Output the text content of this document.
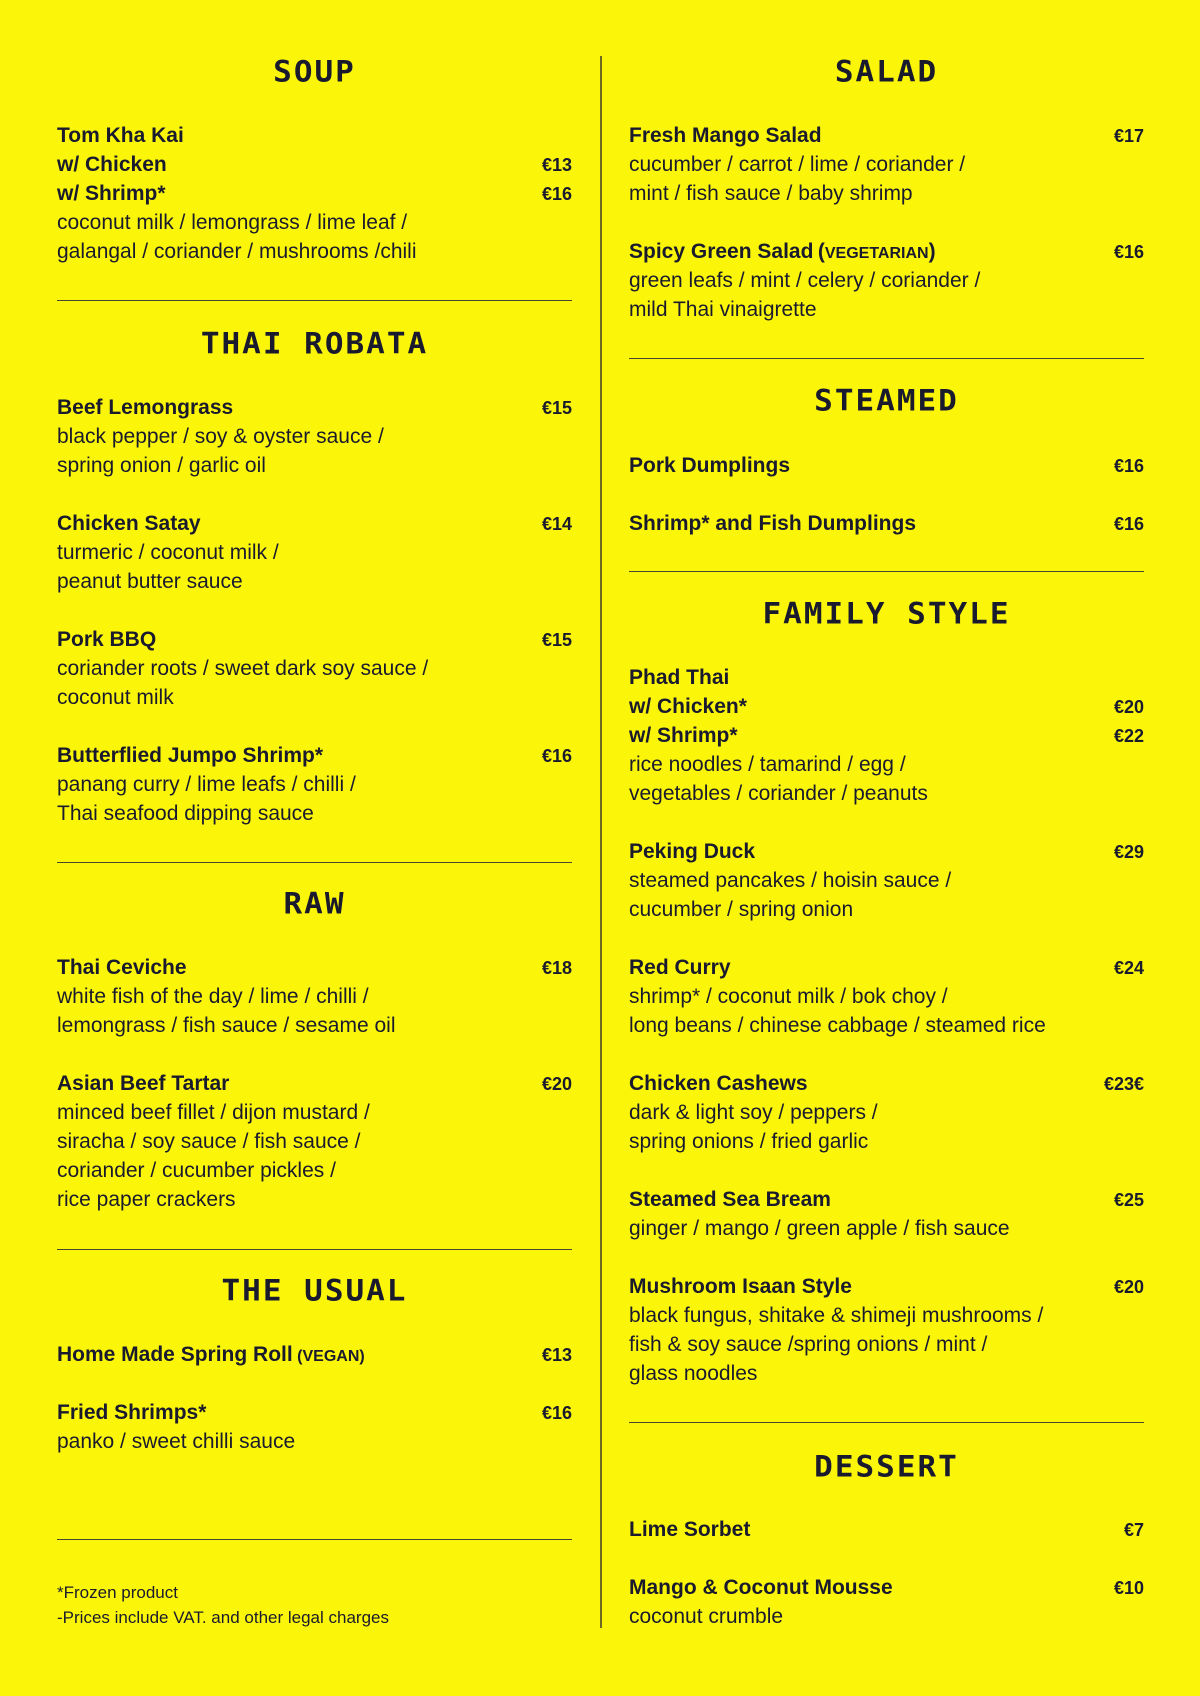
SOUP
Tom Kha Kai
w/ Chicken	€13
w/ Shrimp*	€16
coconut milk / lemongrass / lime leaf /
galangal / coriander / mushrooms /chili
THAI ROBATA
Beef Lemongrass	€15
black pepper / soy & oyster sauce /
spring onion / garlic oil
Chicken Satay	€14
turmeric / coconut milk /
peanut butter sauce
Pork BBQ	€15
coriander roots / sweet dark soy sauce /
coconut milk
Butterflied Jumpo Shrimp*	€16
panang curry / lime leafs / chilli /
Thai seafood dipping sauce
RAW
Thai Ceviche	€18
white fish of the day / lime / chilli /
lemongrass / fish sauce / sesame oil
Asian Beef Tartar	€20
minced beef fillet / dijon mustard /
siracha / soy sauce / fish sauce /
coriander / cucumber pickles /
rice paper crackers
THE USUAL
Home Made Spring Roll (VEGAN)	€13
Fried Shrimps*	€16
panko / sweet chilli sauce
*Frozen product
-Prices include VAT. and other legal charges
SALAD
Fresh Mango Salad	€17
cucumber / carrot / lime / coriander /
mint / fish sauce / baby shrimp
Spicy Green Salad (VEGETARIAN)	€16
green leafs / mint / celery / coriander /
mild Thai vinaigrette
STEAMED
Pork Dumplings	€16
Shrimp* and Fish Dumplings	€16
FAMILY STYLE
Phad Thai
w/ Chicken*	€20
w/ Shrimp*	€22
rice noodles / tamarind / egg /
vegetables / coriander / peanuts
Peking Duck	€29
steamed pancakes / hoisin sauce /
cucumber / spring onion
Red Curry	€24
shrimp* / coconut milk / bok choy /
long beans / chinese cabbage / steamed rice
Chicken Cashews	€23€
dark & light soy / peppers /
spring onions / fried garlic
Steamed Sea Bream	€25
ginger / mango / green apple / fish sauce
Mushroom Isaan Style	€20
black fungus, shitake & shimeji mushrooms /
fish & soy sauce /spring onions / mint /
glass noodles
DESSERT
Lime Sorbet	€7
Mango & Coconut Mousse	€10
coconut crumble
